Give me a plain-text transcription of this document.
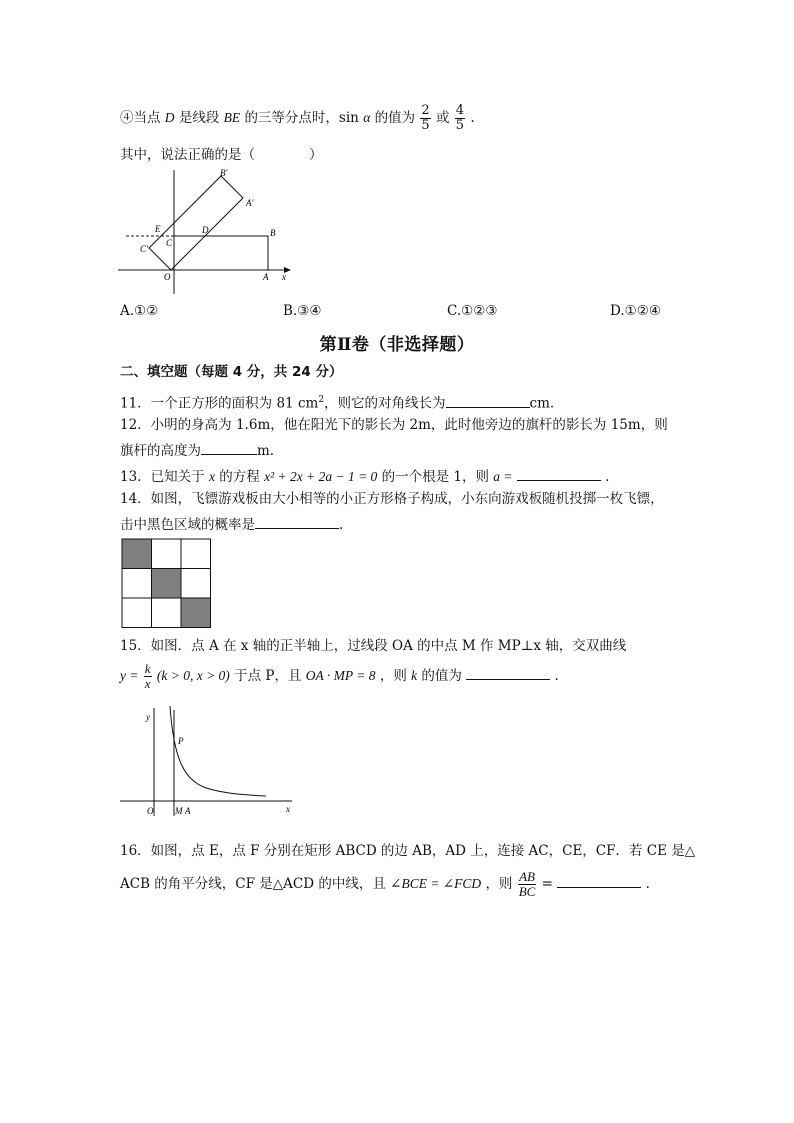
④当点 D 是线段 BE 的三等分点时，sin α 的值为 $\frac{2}{5}$ 或 $\frac{4}{5}$ .
其中，说法正确的是（　　　　）
B′
A′
E	D	B
C′
C
O	A x
A.①②	B.③④	C.①②③	D.①②④
第Ⅱ卷（非选择题）
二、填空题（每题 4 分，共 24 分）
11．一个正方形的面积为 81 $cm^2$，则它的对角线长为	cm.
12．小明的身高为 1.6m，他在阳光下的影长为 2m，此时他旁边的旗杆的影长为 15m，则
旗杆的高度为	m.
13．已知关于 x 的方程 x² + 2x + 2a − 1 = 0 的一个根是 1，则 a =	.
14．如图，飞镖游戏板由大小相等的小正方形格子构成，小东向游戏板随机投掷一枚飞镖，
击中黑色区域的概率是	.
15．如图．点 A 在 x 轴的正半轴上，过线段 OA 的中点 M 作 MP⊥x 轴，交双曲线
$y = \frac{k}{x} (k > 0$, x > 0) 于点 P，且 OA · MP = 8 ，则 k 的值为	.
y
P
O M A	x
16．如图，点 E，点 F 分别在矩形 ABCD 的边 AB，AD 上，连接 AC，CE，CF．若 CE 是△
ACB 的角平分线，CF 是△ACD 的中线，且 ∠BCE = ∠FCD ，则 $\frac{AB}{BC}$ =	.
